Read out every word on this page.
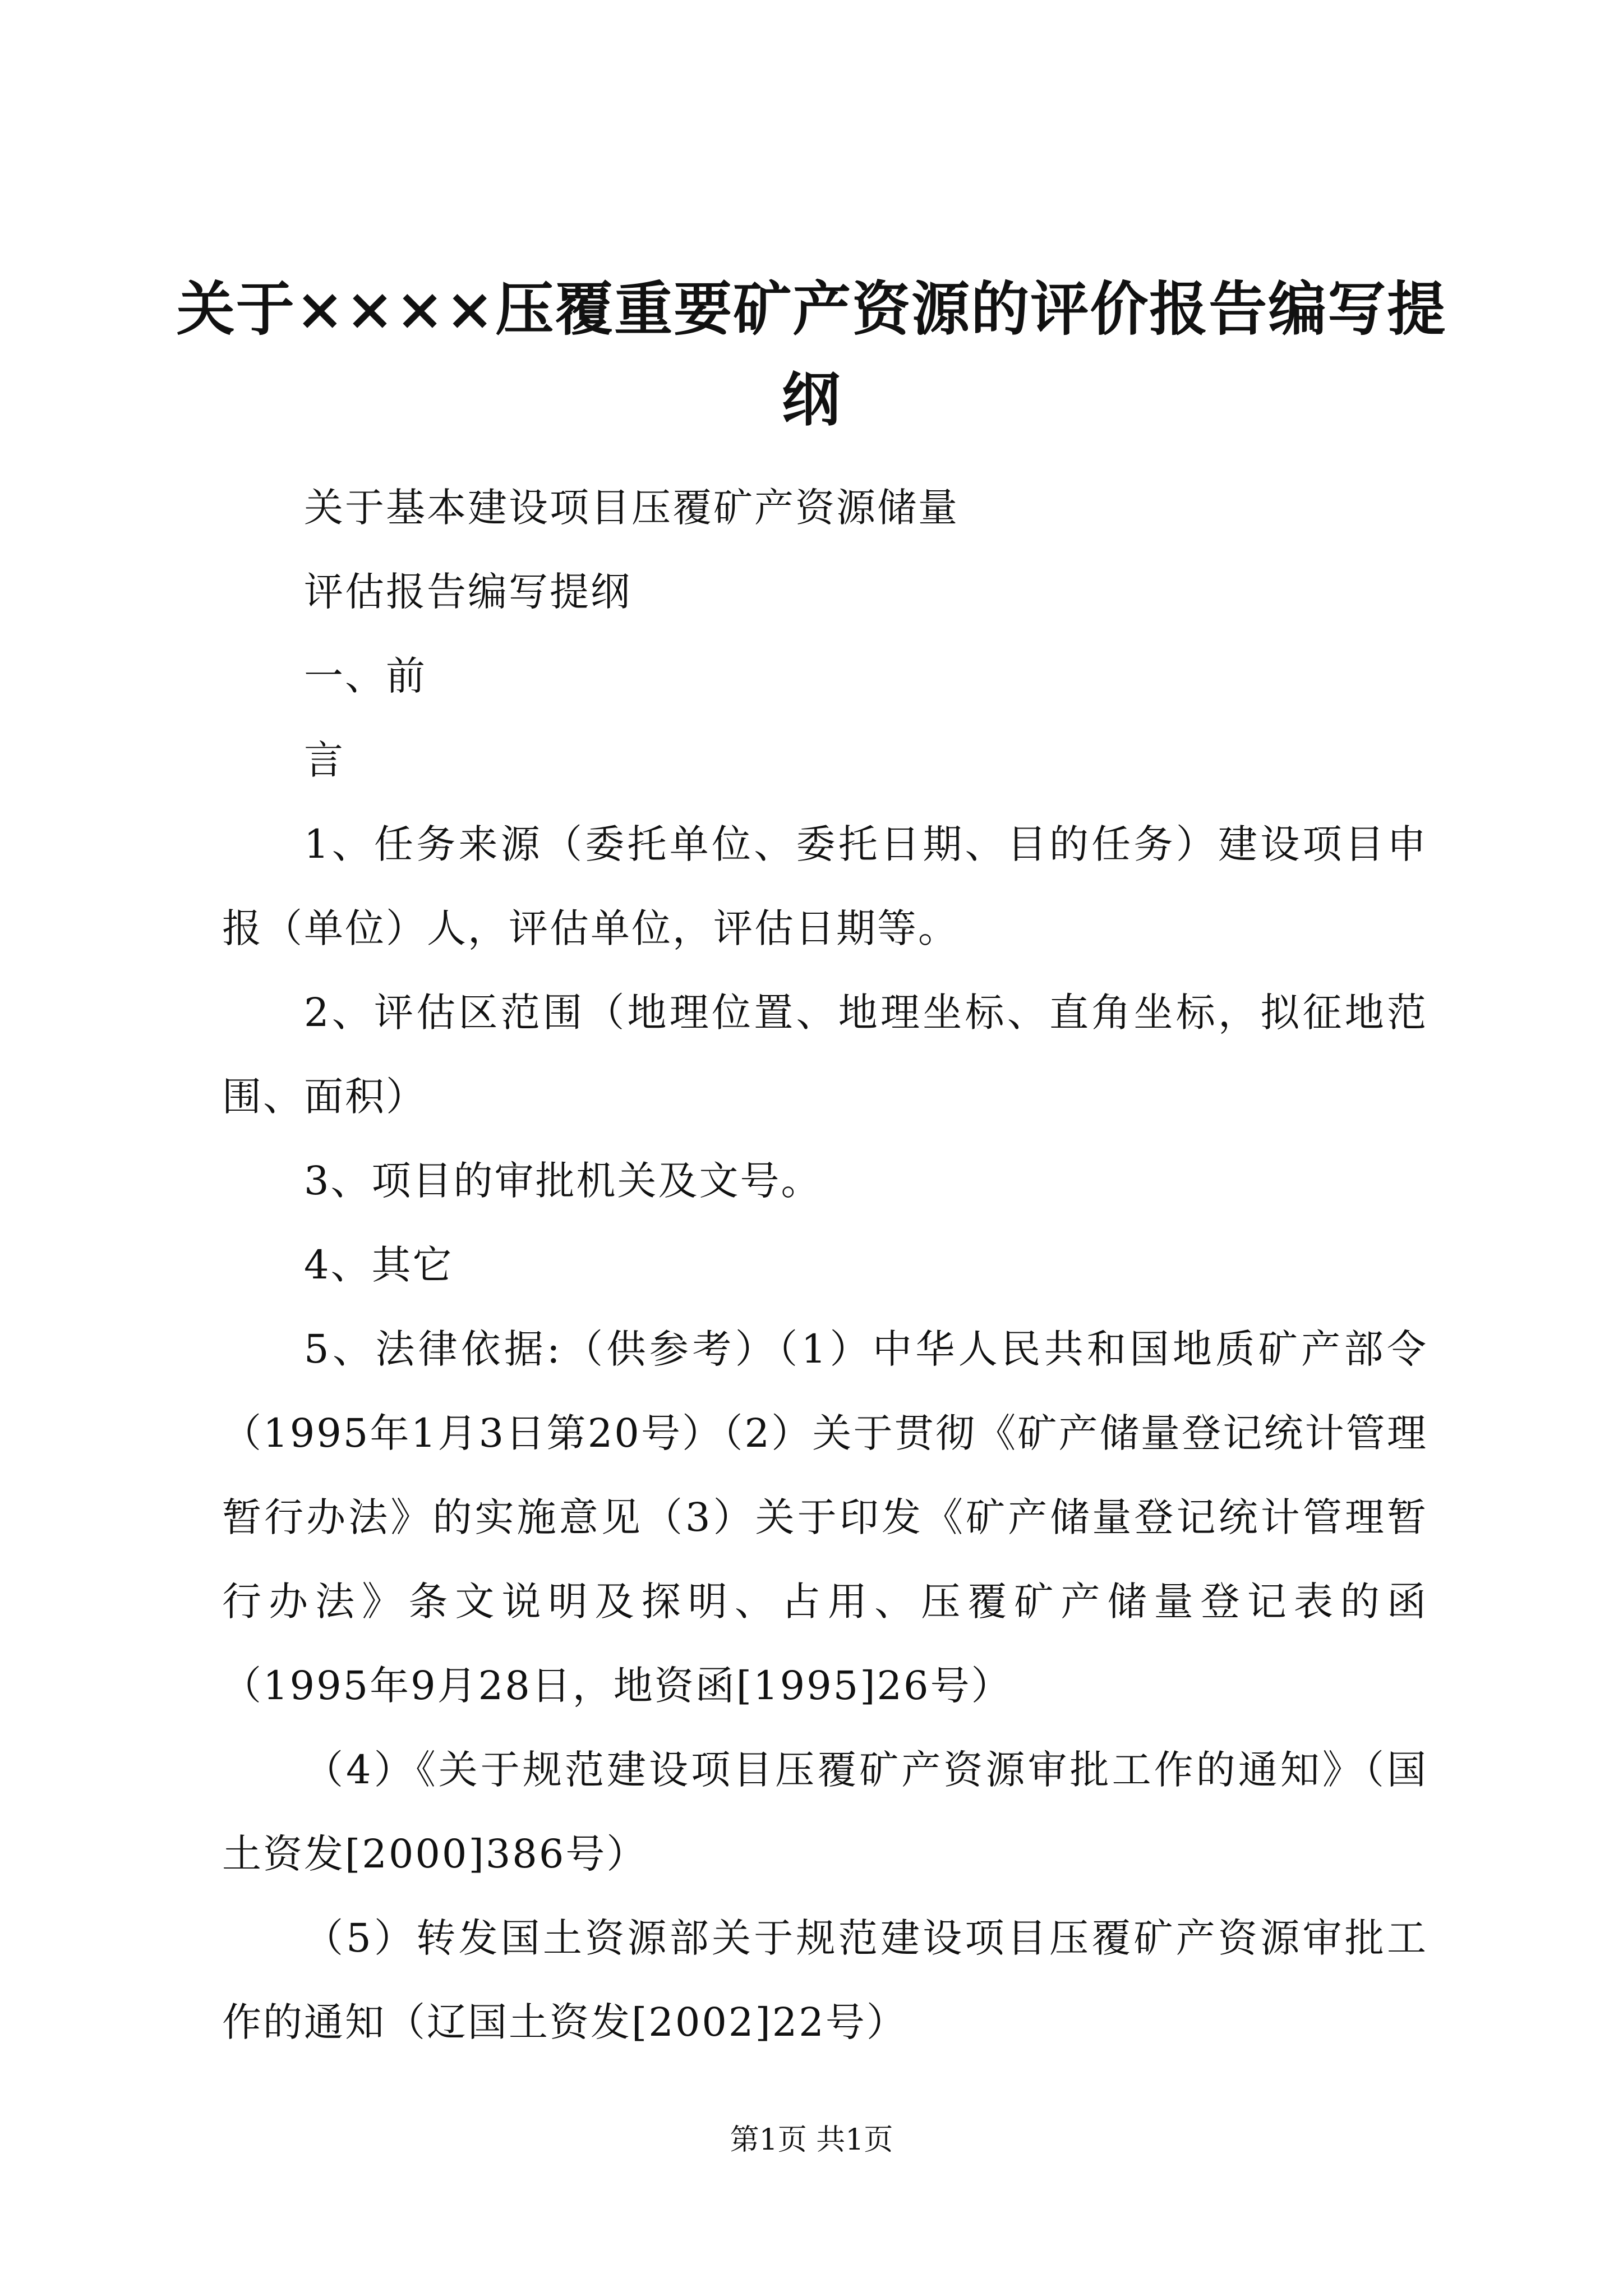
关于××××压覆重要矿产资源的评价报告编写提纲

关于基本建设项目压覆矿产资源储量

评估报告编写提纲

一、前

言

1、任务来源（委托单位、委托日期、目的任务）建设项目申报（单位）人，评估单位，评估日期等。

2、评估区范围（地理位置、地理坐标、直角坐标，拟征地范围、面积）

3、项目的审批机关及文号。

4、其它

5、法律依据:（供参考）（1）中华人民共和国地质矿产部令（1995年1月3日第20号）（2）关于贯彻《矿产储量登记统计管理暂行办法》的实施意见（3）关于印发《矿产储量登记统计管理暂行办法》条文说明及探明、占用、压覆矿产储量登记表的函（1995年9月28日，地资函[1995]26号）

（4）《关于规范建设项目压覆矿产资源审批工作的通知》（国土资发[2000]386号）

（5）转发国土资源部关于规范建设项目压覆矿产资源审批工作的通知（辽国土资发[2002]22号）

第1页 共1页
